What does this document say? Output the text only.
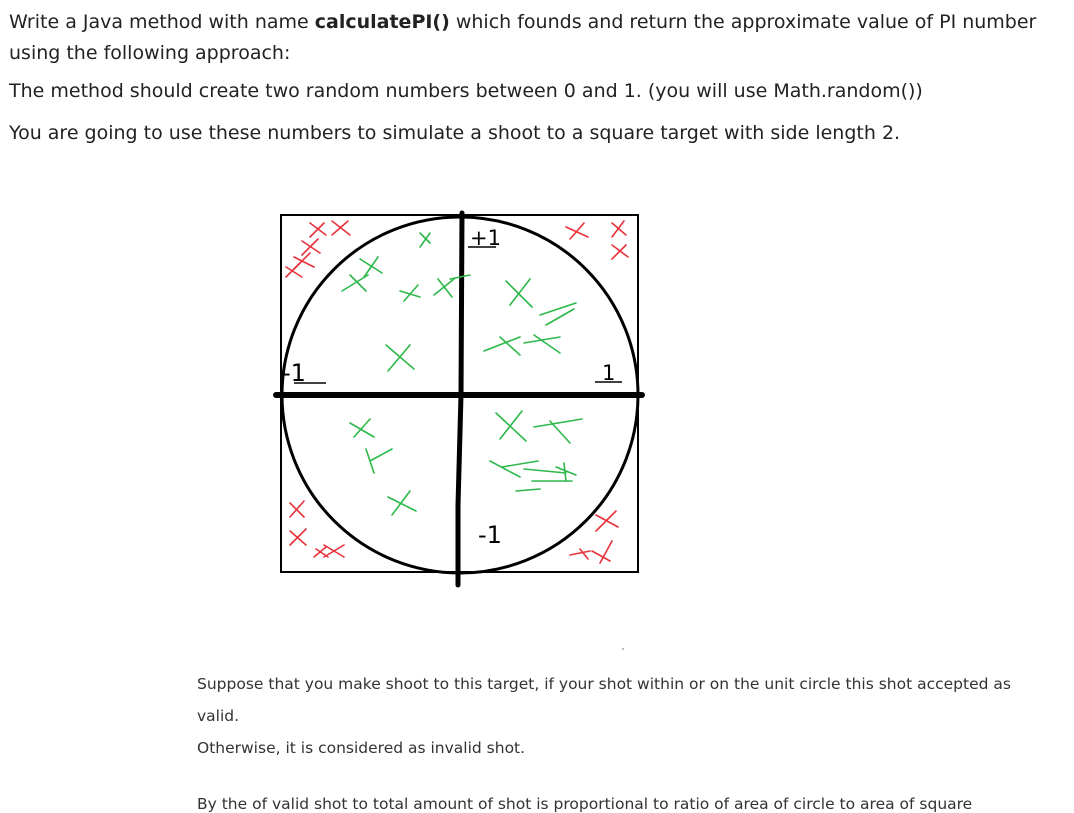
Write a Java method with name calculatePI() which founds and return the approximate value of PI number
using the following approach:

The method should create two random numbers between 0 and 1. (you will use Math.random())

You are going to use these numbers to simulate a shoot to a square target with side length 2.

+1
-1	1
-1

Suppose that you make shoot to this target, if your shot within or on the unit circle this shot accepted as
valid.
Otherwise, it is considered as invalid shot.

By the of valid shot to total amount of shot is proportional to ratio of area of circle to area of square
